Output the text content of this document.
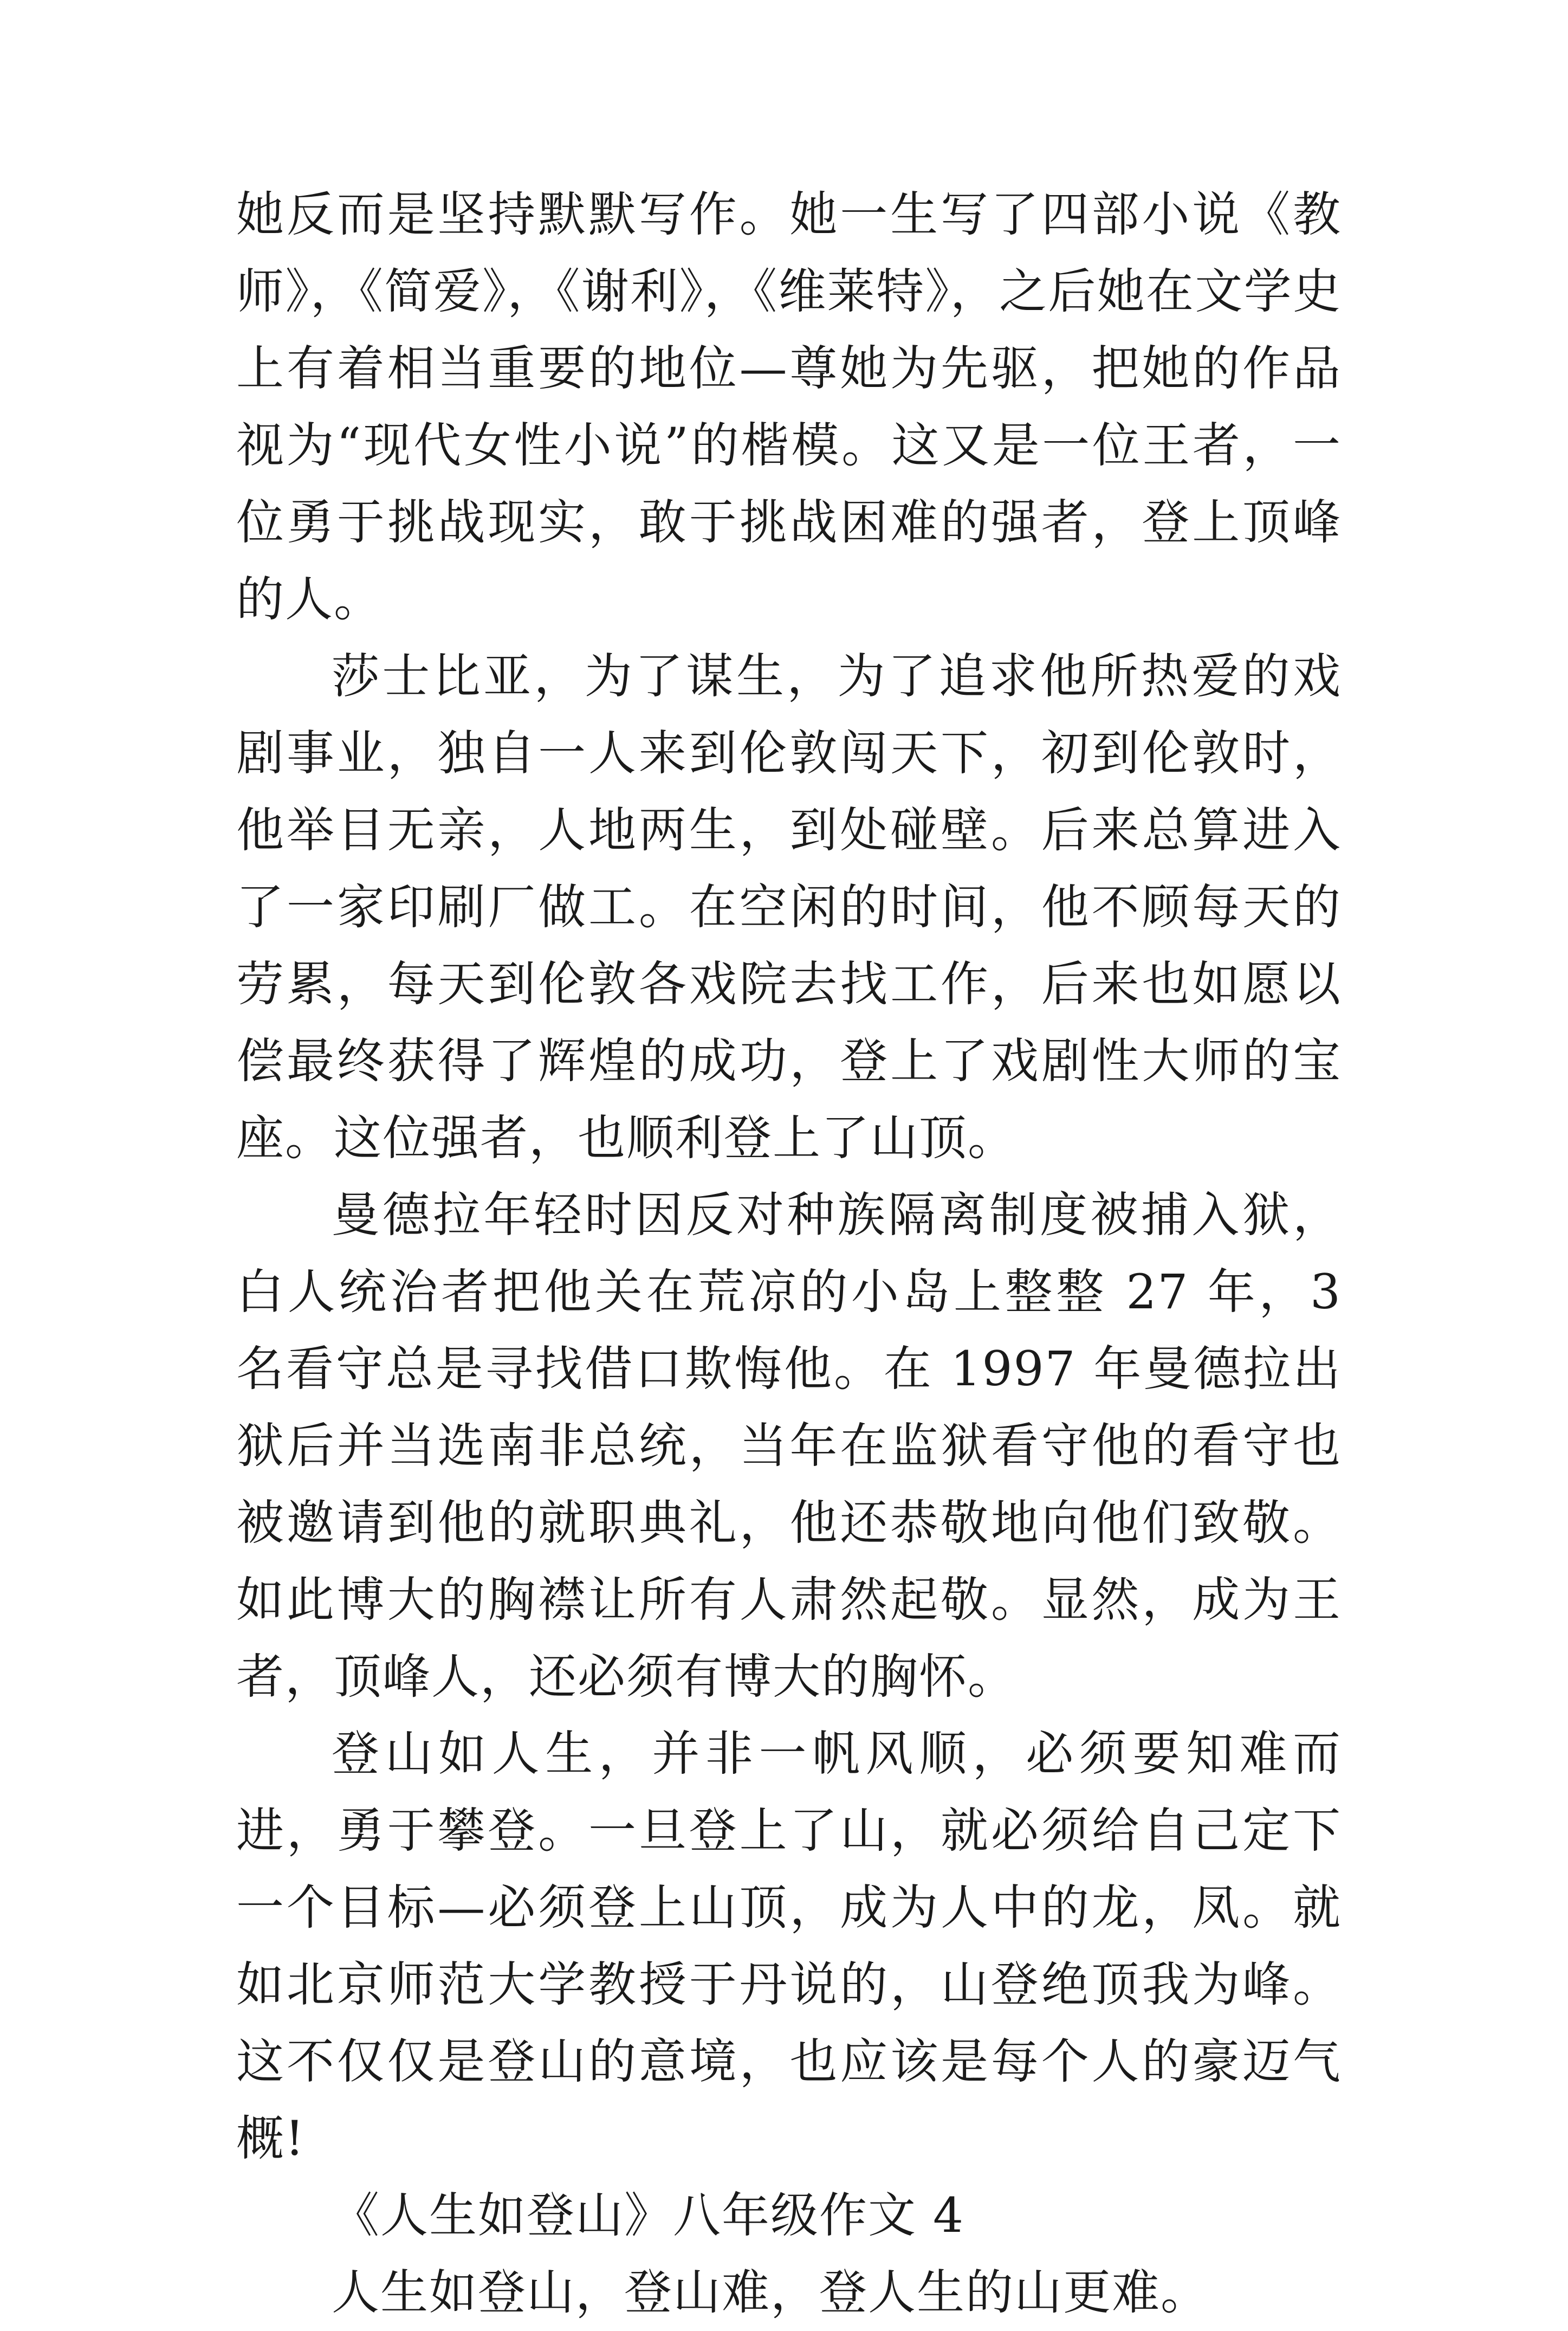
她反而是坚持默默写作。她一生写了四部小说《教师》，《简爱》，《谢利》，《维莱特》，之后她在文学史上有着相当重要的地位—尊她为先驱，把她的作品视为“现代女性小说”的楷模。这又是一位王者，一位勇于挑战现实，敢于挑战困难的强者，登上顶峰的人。

莎士比亚，为了谋生，为了追求他所热爱的戏剧事业，独自一人来到伦敦闯天下，初到伦敦时，他举目无亲，人地两生，到处碰壁。后来总算进入了一家印刷厂做工。在空闲的时间，他不顾每天的劳累，每天到伦敦各戏院去找工作，后来也如愿以偿最终获得了辉煌的成功，登上了戏剧性大师的宝座。这位强者，也顺利登上了山顶。

曼德拉年轻时因反对种族隔离制度被捕入狱，白人统治者把他关在荒凉的小岛上整整 27 年，3 名看守总是寻找借口欺悔他。在 1997 年曼德拉出狱后并当选南非总统，当年在监狱看守他的看守也被邀请到他的就职典礼，他还恭敬地向他们致敬。如此博大的胸襟让所有人肃然起敬。显然，成为王者，顶峰人，还必须有博大的胸怀。

登山如人生，并非一帆风顺，必须要知难而进，勇于攀登。一旦登上了山，就必须给自己定下一个目标—必须登上山顶，成为人中的龙，凤。就如北京师范大学教授于丹说的，山登绝顶我为峰。这不仅仅是登山的意境，也应该是每个人的豪迈气概!

《人生如登山》八年级作文 4

人生如登山，登山难，登人生的山更难。
